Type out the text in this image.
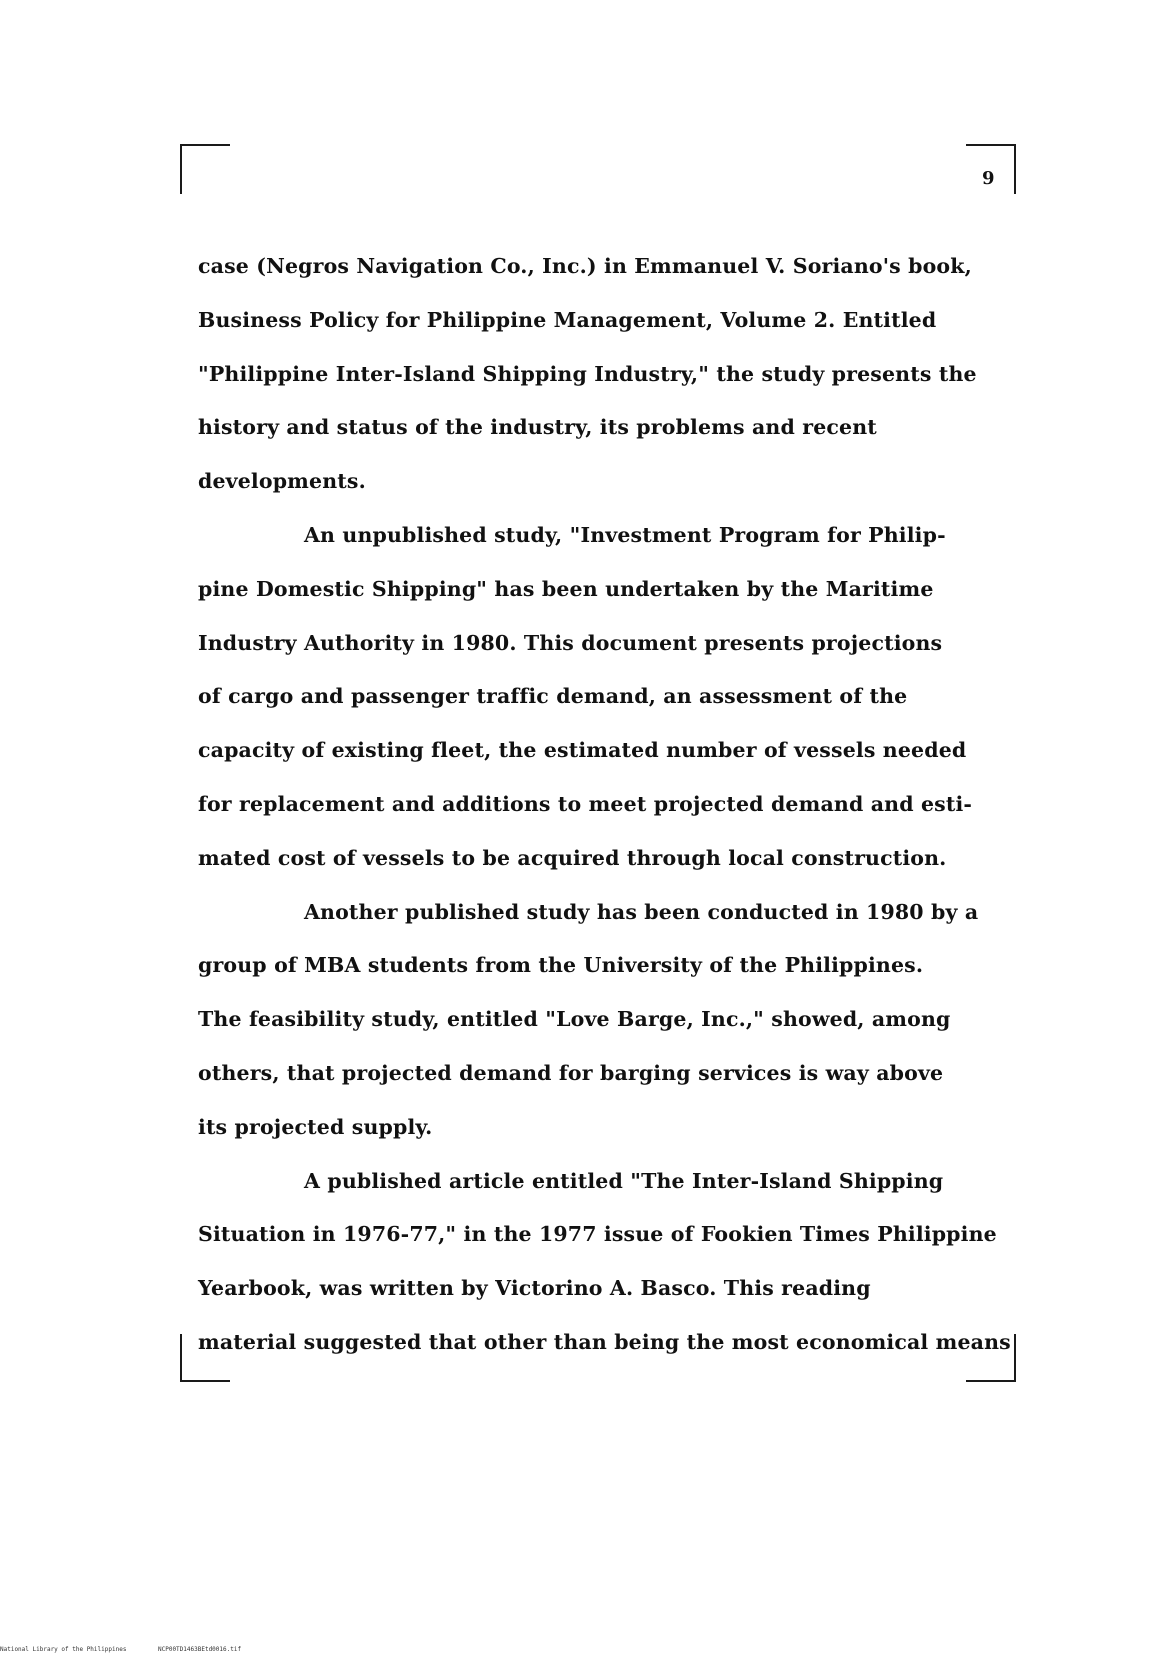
9
case (Negros Navigation Co., Inc.) in Emmanuel V. Soriano's book,
Business Policy for Philippine Management, Volume 2. Entitled
"Philippine Inter-Island Shipping Industry," the study presents the
history and status of the industry, its problems and recent
developments.
An unpublished study, "Investment Program for Philip-
pine Domestic Shipping" has been undertaken by the Maritime
Industry Authority in 1980. This document presents projections
of cargo and passenger traffic demand, an assessment of the
capacity of existing fleet, the estimated number of vessels needed
for replacement and additions to meet projected demand and esti-
mated cost of vessels to be acquired through local construction.
Another published study has been conducted in 1980 by a
group of MBA students from the University of the Philippines.
The feasibility study, entitled "Love Barge, Inc.," showed, among
others, that projected demand for barging services is way above
its projected supply.
A published article entitled "The Inter-Island Shipping
Situation in 1976-77," in the 1977 issue of Fookien Times Philippine
Yearbook, was written by Victorino A. Basco. This reading
material suggested that other than being the most economical means
National Library of the Philippines	NCP00TD1463BEtd0016.tif
